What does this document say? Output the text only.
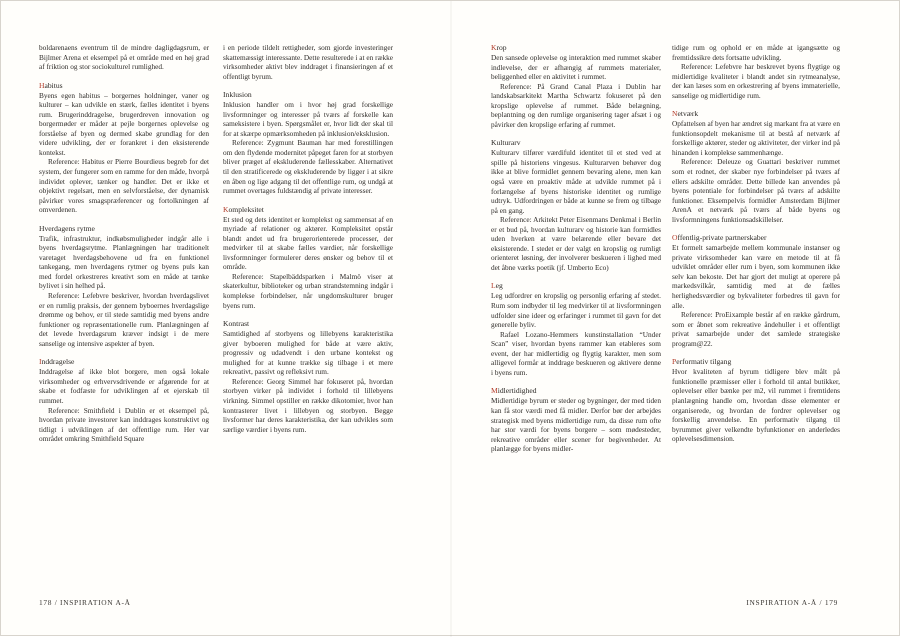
boldarenaens eventrum til de mindre dagligdagsrum, er Bijlmer Arena et eksempel på et område med en høj grad af friktion og stor sociokulturel rumlighed.

Habitus

Byens egen habitus – borgernes holdninger, vaner og kulturer – kan udvikle en stærk, fælles identitet i byens rum. Brugerinddragelse, brugerdreven innovation og borgermøder er måder at pejle borgernes oplevelse og forståelse af byen og dermed skabe grundlag for den videre udvikling, der er forankret i den eksisterende kontekst.

Reference: Habitus er Pierre Bourdieus begreb for det system, der fungerer som en ramme for den måde, hvorpå individet oplever, tænker og handler. Det er ikke et objektivt regelsæt, men en selvforståelse, der dynamisk påvirker vores smagspræferencer og fortolkningen af omverdenen.

Hverdagens rytme

Trafik, infrastruktur, indkøbsmuligheder indgår alle i byens hverdagsrytme. Planlægningen har traditionelt varetaget hverdagsbehovene ud fra en funktionel tankegang, men hverdagens rytmer og byens puls kan med fordel orkestreres kreativt som en måde at tænke bylivet i sin helhed på.

Reference: Lefebvre beskriver, hvordan hverdagslivet er en rumlig praksis, der gennem byboernes hverdagslige drømme og behov, er til stede samtidig med byens andre funktioner og repræsentationelle rum. Planlægningen af det levede hverdagsrum kræver indsigt i de mere sanselige og intensive aspekter af byen.

Inddragelse

Inddragelse af ikke blot borgere, men også lokale virksomheder og erhvervsdrivende er afgørende for at skabe et fodfæste for udviklingen af et ejerskab til rummet.

Reference: Smithfield i Dublin er et eksempel på, hvordan private investorer kan inddrages konstruktivt og tidligt i udviklingen af det offentlige rum. Her var området omkring Smithfield Square

i en periode tildelt rettigheder, som gjorde investeringer skattemæssigt interessante. Dette resulterede i at en række virksomheder aktivt blev inddraget i finansieringen af et offentligt byrum.

Inklusion

Inklusion handler om i hvor høj grad forskellige livsformninger og interesser på tværs af forskelle kan sameksistere i byen. Spørgsmålet er, hvor lidt der skal til for at skærpe opmærksomheden på inklusion/eksklusion.

Reference: Zygmunt Bauman har med forestillingen om den flydende modernitet påpeget faren for at storbyen bliver præget af ekskluderende fællesskaber. Alternativet til den stratificerede og ekskluderende by ligger i at sikre en åben og lige adgang til det offentlige rum, og undgå at rummet overtages fuldstændig af private interesser.

Kompleksitet

Et sted og dets identitet er komplekst og sammensat af en myriade af relationer og aktører. Kompleksitet opstår blandt andet ud fra brugerorienterede processer, der medvirker til at skabe fælles værdier, når forskellige livsformninger formulerer deres ønsker og behov til et område.

Reference: Stapelbäddsparken i Malmö viser at skaterkultur, biblioteker og urban strandstemning indgår i komplekse forbindelser, når ungdomskulturer bruger byens rum.

Kontrast

Samtidighed af storbyens og lillebyens karakteristika giver byboeren mulighed for både at være aktiv, progressiv og udadvendt i den urbane kontekst og mulighed for at kunne trække sig tilbage i et mere rekreativt, passivt og refleksivt rum.

Reference: Georg Simmel har fokuseret på, hvordan storbyen virker på individet i forhold til lillebyens virkning. Simmel opstiller en række dikotomier, hvor han kontrasterer livet i lillebyen og storbyen. Begge livsformer har deres karakteristika, der kan udvikles som særlige værdier i byens rum.

Krop

Den sansede oplevelse og interaktion med rummet skaber indlevelse, der er afhængig af rummets materialer, beliggenhed eller en aktivitet i rummet.

Reference: På Grand Canal Plaza i Dublin har landskabsarkitekt Martha Schwartz fokuseret på den kropslige oplevelse af rummet. Både belægning, beplantning og den rumlige organisering tager afsæt i og påvirker den kropslige erfaring af rummet.

Kulturarv

Kulturarv tilfører værdifuld identitet til et sted ved at spille på historiens vingesus. Kulturarven behøver dog ikke at blive formidlet gennem bevaring alene, men kan også være en proaktiv måde at udvikle rummet på i forlængelse af byens historiske identitet og rumlige udtryk. Udfordringen er både at kunne se frem og tilbage på en gang.

Reference: Arkitekt Peter Eisenmans Denkmal i Berlin er et bud på, hvordan kulturarv og historie kan formidles uden hverken at være belærende eller bevare det eksisterende. I stedet er der valgt en kropslig og rumligt orienteret løsning, der involverer beskueren i lighed med det åbne værks poetik (jf. Umberto Eco)

Leg

Leg udfordrer en kropslig og personlig erfaring af stedet. Rum som indbyder til leg medvirker til at livsformningen udfolder sine ideer og erfaringer i rummet til gavn for det generelle byliv.

Rafael Lozano-Hemmers kunstinstallation “Under Scan” viser, hvordan byens rammer kan etableres som event, der har midlertidig og flygtig karakter, men som alligevel formår at inddrage beskueren og aktivere denne i byens rum.

Midlertidighed

Midlertidige byrum er steder og bygninger, der med tiden kan få stor værdi med få midler. Derfor bør der arbejdes strategisk med byens midlertidige rum, da disse rum ofte har stor værdi for byens borgere – som mødesteder, rekreative områder eller scener for begivenheder. At planlægge for byens midler-

tidige rum og ophold er en måde at igangsætte og fremtidssikre dets fortsatte udvikling.

Reference: Lefebvre har beskrevet byens flygtige og midlertidige kvaliteter i blandt andet sin rytmeanalyse, der kan læses som en orkestrering af byens immaterielle, sanselige og midlertidige rum.

Netværk

Opfattelsen af byen har ændret sig markant fra at være en funktionsopdelt mekanisme til at bestå af netværk af forskellige aktører, steder og aktiviteter, der virker ind på hinanden i komplekse sammenhænge.

Reference: Deleuze og Guattari beskriver rummet som et rodnet, der skaber nye forbindelser på tværs af ellers adskilte områder. Dette billede kan anvendes på byens potentiale for forbindelser på tværs af adskilte funktioner. Eksempelvis formidler Amsterdam Bijlmer ArenA et netværk på tværs af både byens og livsformningens funktionsadskillelser.

Offentlig-private partnerskaber

Et formelt samarbejde mellem kommunale instanser og private virksomheder kan være en metode til at få udviklet områder eller rum i byen, som kommunen ikke selv kan bekoste. Det har gjort det muligt at operere på markedsvilkår, samtidig med at de fælles herlighedsværdier og bykvaliteter forbedres til gavn for alle.

Reference: ProEixample består af en række gårdrum, som er åbnet som rekreative åndehuller i et offentligt privat samarbejde under det samlede strategiske program@22.

Performativ tilgang

Hvor kvaliteten af byrum tidligere blev målt på funktionelle præmisser eller i forhold til antal butikker, oplevelser eller bænke per m2, vil rummet i fremtidens planlægning handle om, hvordan disse elementer er organiserede, og hvordan de fordrer oplevelser og forskellig anvendelse. En performativ tilgang til byrummet giver velkendte byfunktioner en anderledes oplevelsesdimension.

178 / INSPIRATION A-Å	INSPIRATION A-Å / 179
